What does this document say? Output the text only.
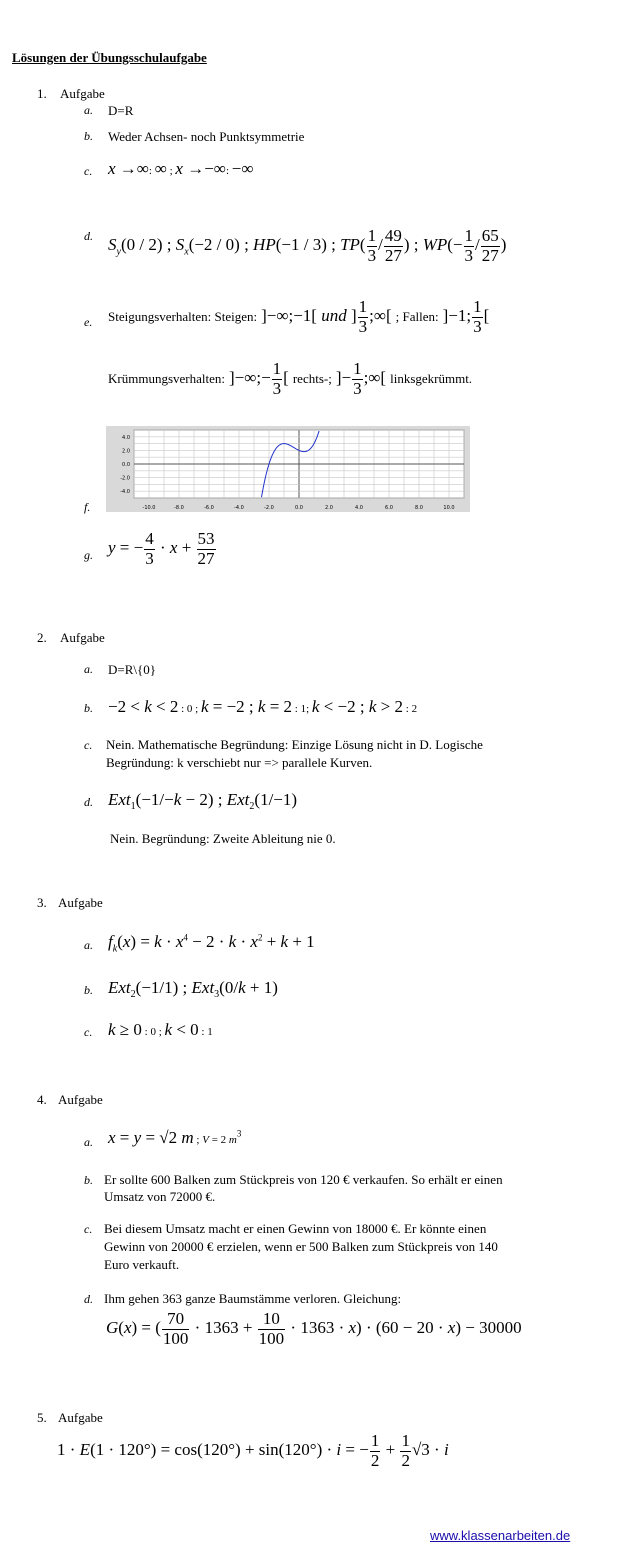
Lösungen der Übungsschulaufgabe
1. Aufgabe
a. D=R
b. Weder Achsen- noch Punktsymmetrie
c. x →∞: ∞ ; x →−∞: −∞
d. $S_y(0 / 2)$ ; $S_x(-2 / 0)$ ; HP(−1 / 3) ; $TP( \frac{1}{3} / \frac{49}{27}$ ) ; $WP(- \frac{1}{3} / \frac{65}{27}$ )
e. Steigungsverhalten: Steigen: ]−∞;−1[ und ] $\frac{1}{3}$ ;∞[ ; Fallen: ]−1; $\frac{1}{3}$ [
Krümmungsverhalten: ]−∞;− $\frac{1}{3}$ [ rechts-; ]− $\frac{1}{3}$ ;∞[ linksgekrümmt.
f.	-10.0	-8.0	-6.0	-4.0	-2.0	0.0	2.0	4.0	6.0	8.0	10.0
4.0
2.0
0.0
-2.0
-4.0
g. y = − $\frac{4}{3} \cdot x + \frac{53}{27}$
2. Aufgabe
a. D=R\{0}
b. −2 < k < 2 : 0 ; k = −2 ; k = 2 : 1; k < −2 ; k > 2 : 2
c. Nein. Mathematische Begründung: Einzige Lösung nicht in D. Logische
Begründung: k verschiebt nur => parallele Kurven.
d. Ext$_1$(−1/−k − 2) ; Ext$_2$(1/−1)
Nein. Begründung: Zweite Ableitung nie 0.
3. Aufgabe
a. $f_k(x) = k \cdot x^4 - 2 \cdot k \cdot x^2 + k + 1$
b. Ext$_2$(−1/1) ; Ext$_3$(0/k + 1)
c. k ≥ 0 : 0 ; k < 0 : 1
4. Aufgabe
a. x = y = √2 m ; V = 2 $m^3$
b. Er sollte 600 Balken zum Stückpreis von 120 € verkaufen. So erhält er einen
Umsatz von 72000 €.
c. Bei diesem Umsatz macht er einen Gewinn von 18000 €. Er könnte einen
Gewinn von 20000 € erzielen, wenn er 500 Balken zum Stückpreis von 140
Euro verkauft.
d. Ihm gehen 363 ganze Baumstämme verloren. Gleichung:
G(x) = ( $\frac{70}{100} \cdot 1363 + \frac{10}{100} \cdot 1363 \cdot x) \cdot (60 - 20 \cdot x) - 30000$
5. Aufgabe
1 · E(1 · 120°) = cos(120°) + sin(120°) · i = − $\frac{1}{2} + \frac{1}{2} √3 \cdot i$
www.klassenarbeiten.de
